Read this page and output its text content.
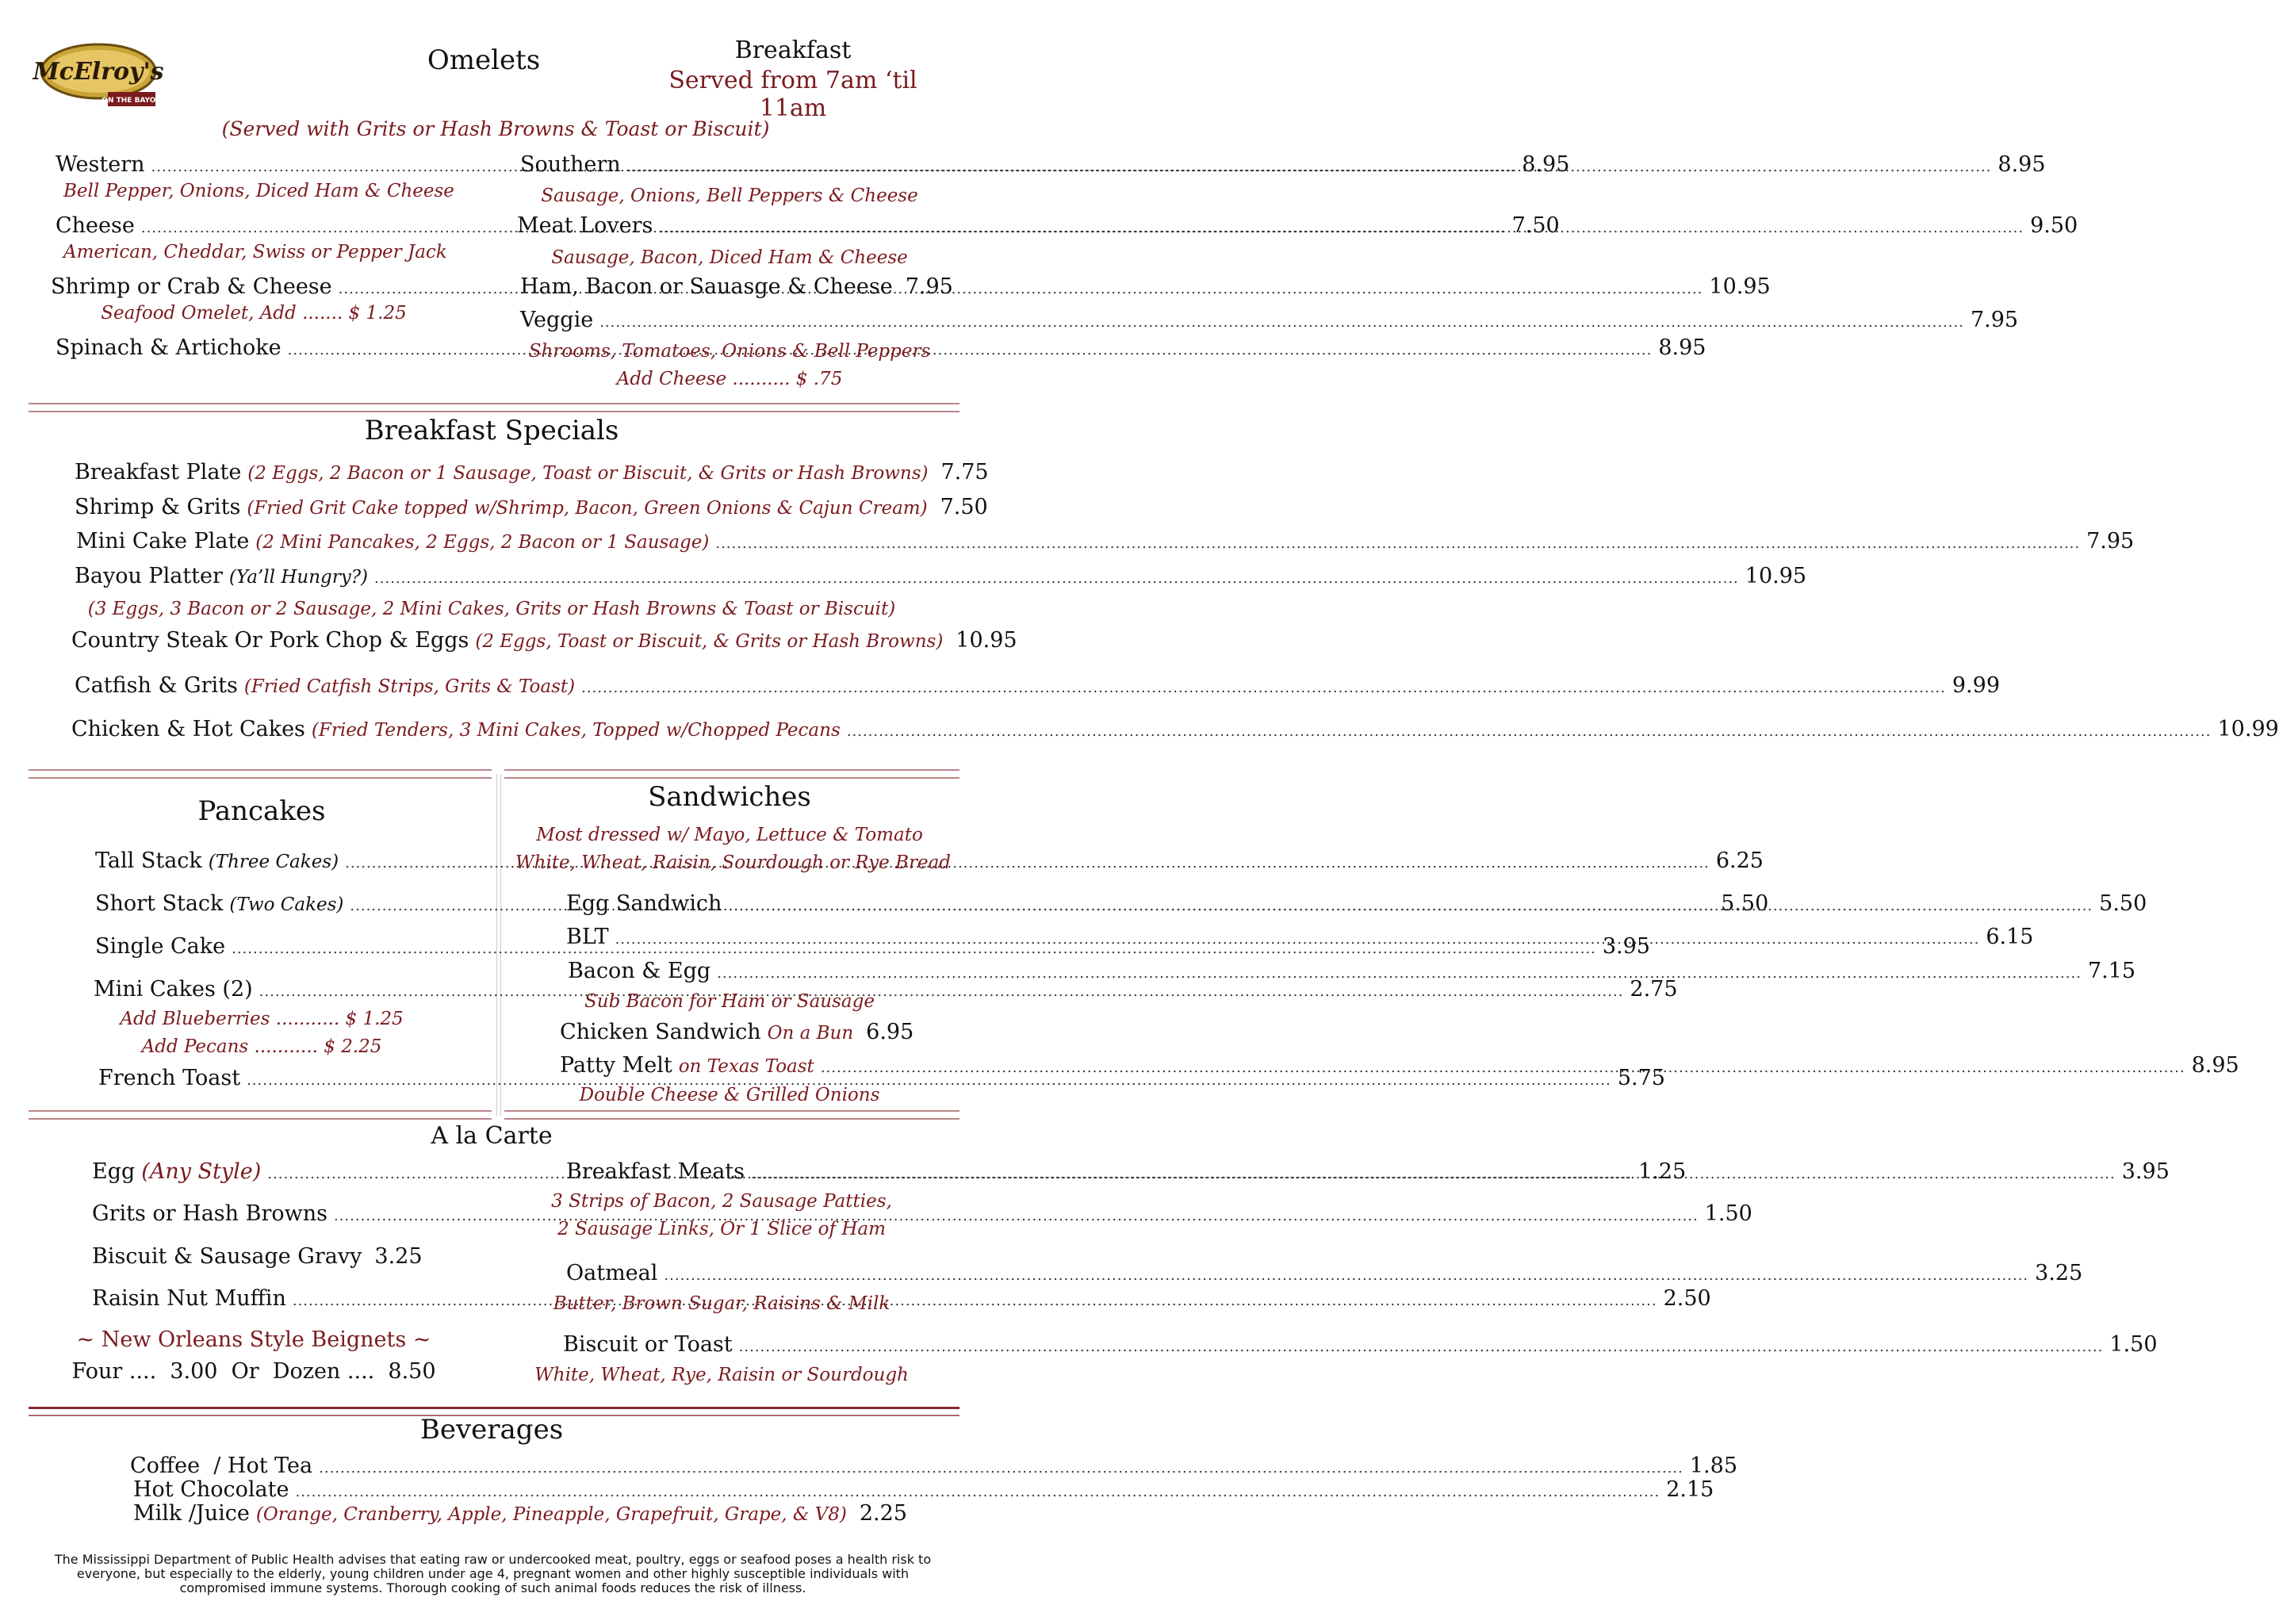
McElroy's
ON THE BAYOU
Omelets	Breakfast
Served from 7am ‘til 11am
(Served with Grits or Hash Browns & Toast or Biscuit)
Western .....	8.95
Bell Pepper, Onions, Diced Ham & Cheese
Cheese .....	7.50
American, Cheddar, Swiss or Pepper Jack
Shrimp or Crab & Cheese .....	10.95
Seafood Omelet, Add ....... $ 1.25
Spinach & Artichoke .....	8.95
Southern .....	8.95
Sausage, Onions, Bell Peppers & Cheese
Meat Lovers .....	9.50
Sausage, Bacon, Diced Ham & Cheese
Ham, Bacon or Sauasge & Cheese 7.95
Veggie .....	7.95
Shrooms, Tomatoes, Onions & Bell Peppers
Add Cheese .......... $ .75
Breakfast Specials
Breakfast Plate (2 Eggs, 2 Bacon or 1 Sausage, Toast or Biscuit, & Grits or Hash Browns) 7.75
Shrimp & Grits (Fried Grit Cake topped w/Shrimp, Bacon, Green Onions & Cajun Cream) 7.50
Mini Cake Plate (2 Mini Pancakes, 2 Eggs, 2 Bacon or 1 Sausage) .....	7.95
Bayou Platter (Ya’ll Hungry?) .....	10.95
(3 Eggs, 3 Bacon or 2 Sausage, 2 Mini Cakes, Grits or Hash Browns & Toast or Biscuit)
Country Steak Or Pork Chop & Eggs (2 Eggs, Toast or Biscuit, & Grits or Hash Browns) 10.95
Catfish & Grits (Fried Catfish Strips, Grits & Toast) .....	9.99
Chicken & Hot Cakes (Fried Tenders, 3 Mini Cakes, Topped w/Chopped Pecans .....	10.99
Pancakes
Tall Stack (Three Cakes) .....	6.25
Short Stack (Two Cakes) .....	5.50
Single Cake .....	3.95
Mini Cakes (2) .....	2.75
Add Blueberries ........... $ 1.25
Add Pecans ........... $ 2.25
French Toast .....	5.75
Sandwiches
Most dressed w/ Mayo, Lettuce & Tomato
White, Wheat, Raisin, Sourdough or Rye Bread
Egg Sandwich .....	5.50
BLT .....	6.15
Bacon & Egg .....	7.15
Sub Bacon for Ham or Sausage
Chicken Sandwich On a Bun 6.95
Patty Melt on Texas Toast .....	8.95
Double Cheese & Grilled Onions
A la Carte
Egg (Any Style) .....	1.25
Grits or Hash Browns .....	1.50
Biscuit & Sausage Gravy 3.25
Raisin Nut Muffin .....	2.50
~ New Orleans Style Beignets ~
Four ....  3.00  Or  Dozen ....  8.50
Breakfast Meats .....	3.95
3 Strips of Bacon, 2 Sausage Patties,
2 Sausage Links, Or 1 Slice of Ham
Oatmeal .....	3.25
Butter, Brown Sugar, Raisins & Milk
Biscuit or Toast .....	1.50
White, Wheat, Rye, Raisin or Sourdough
Beverages
Coffee  / Hot Tea .....	1.85
Hot Chocolate .....	2.15
Milk /Juice (Orange, Cranberry, Apple, Pineapple, Grapefruit, Grape, & V8) 2.25
The Mississippi Department of Public Health advises that eating raw or undercooked meat, poultry, eggs or seafood poses a health risk to everyone, but especially to the elderly, young children under age 4, pregnant women and other highly susceptible individuals with compromised immune systems. Thorough cooking of such animal foods reduces the risk of illness.
